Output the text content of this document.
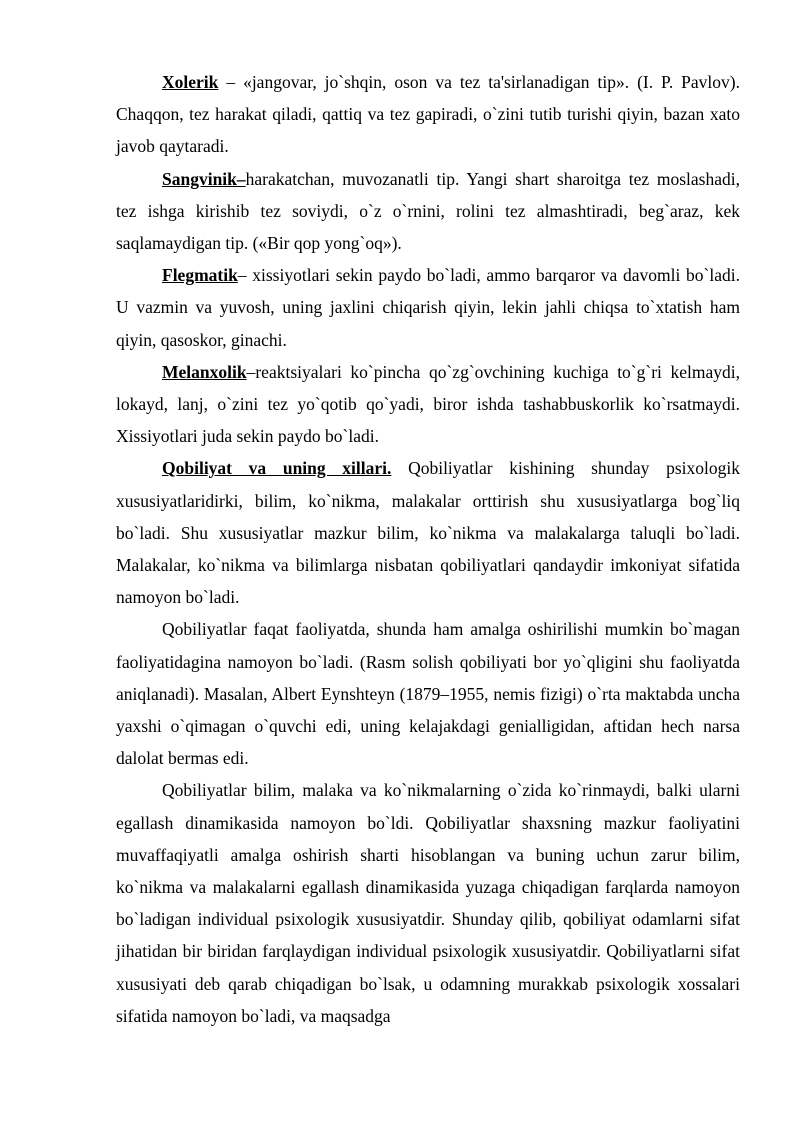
Xolerik – «jangovar, jo`shqin, oson va tez ta'sirlanadigan tip». (I. P. Pavlov). Chaqqon, tez harakat qiladi, qattiq va tez gapiradi, o`zini tutib turishi qiyin, bazan xato javob qaytaradi.

Sangvinik–harakatchan, muvozanatli tip. Yangi shart sharoitga tez moslashadi, tez ishga kirishib tez soviydi, o`z o`rnini, rolini tez almashtiradi, beg`araz, kek saqlamaydigan tip. («Bir qop yong`oq»).

Flegmatik– xissiyotlari sekin paydo bo`ladi, ammo barqaror va davomli bo`ladi. U vazmin va yuvosh, uning jaxlini chiqarish qiyin, lekin jahli chiqsa to`xtatish ham qiyin, qasoskor, ginachi.

Melanxolik–reaktsiyalari ko`pincha qo`zg`ovchining kuchiga to`g`ri kelmaydi, lokayd, lanj, o`zini tez yo`qotib qo`yadi, biror ishda tashabbuskorlik ko`rsatmaydi. Xissiyotlari juda sekin paydo bo`ladi.

Qobiliyat va uning xillari. Qobiliyatlar kishining shunday psixologik xususiyatlaridirki, bilim, ko`nikma, malakalar orttirish shu xususiyatlarga bog`liq bo`ladi. Shu xususiyatlar mazkur bilim, ko`nikma va malakalarga taluqli bo`ladi. Malakalar, ko`nikma va bilimlarga nisbatan qobiliyatlari qandaydir imkoniyat sifatida namoyon bo`ladi.

Qobiliyatlar faqat faoliyatda, shunda ham amalga oshirilishi mumkin bo`magan faoliyatidagina namoyon bo`ladi. (Rasm solish qobiliyati bor yo`qligini shu faoliyatda aniqlanadi). Masalan, Albert Eynshteyn (1879–1955, nemis fizigi) o`rta maktabda uncha yaxshi o`qimagan o`quvchi edi, uning kelajakdagi genialligidan, aftidan hech narsa dalolat bermas edi.

Qobiliyatlar bilim, malaka va ko`nikmalarning o`zida ko`rinmaydi, balki ularni egallash dinamikasida namoyon bo`ldi. Qobiliyatlar shaxsning mazkur faoliyatini muvaffaqiyatli amalga oshirish sharti hisoblangan va buning uchun zarur bilim, ko`nikma va malakalarni egallash dinamikasida yuzaga chiqadigan farqlarda namoyon bo`ladigan individual psixologik xususiyatdir. Shunday qilib, qobiliyat odamlarni sifat jihatidan bir biridan farqlaydigan individual psixologik xususiyatdir. Qobiliyatlarni sifat xususiyati deb qarab chiqadigan bo`lsak, u odamning murakkab psixologik xossalari sifatida namoyon bo`ladi, va maqsadga
